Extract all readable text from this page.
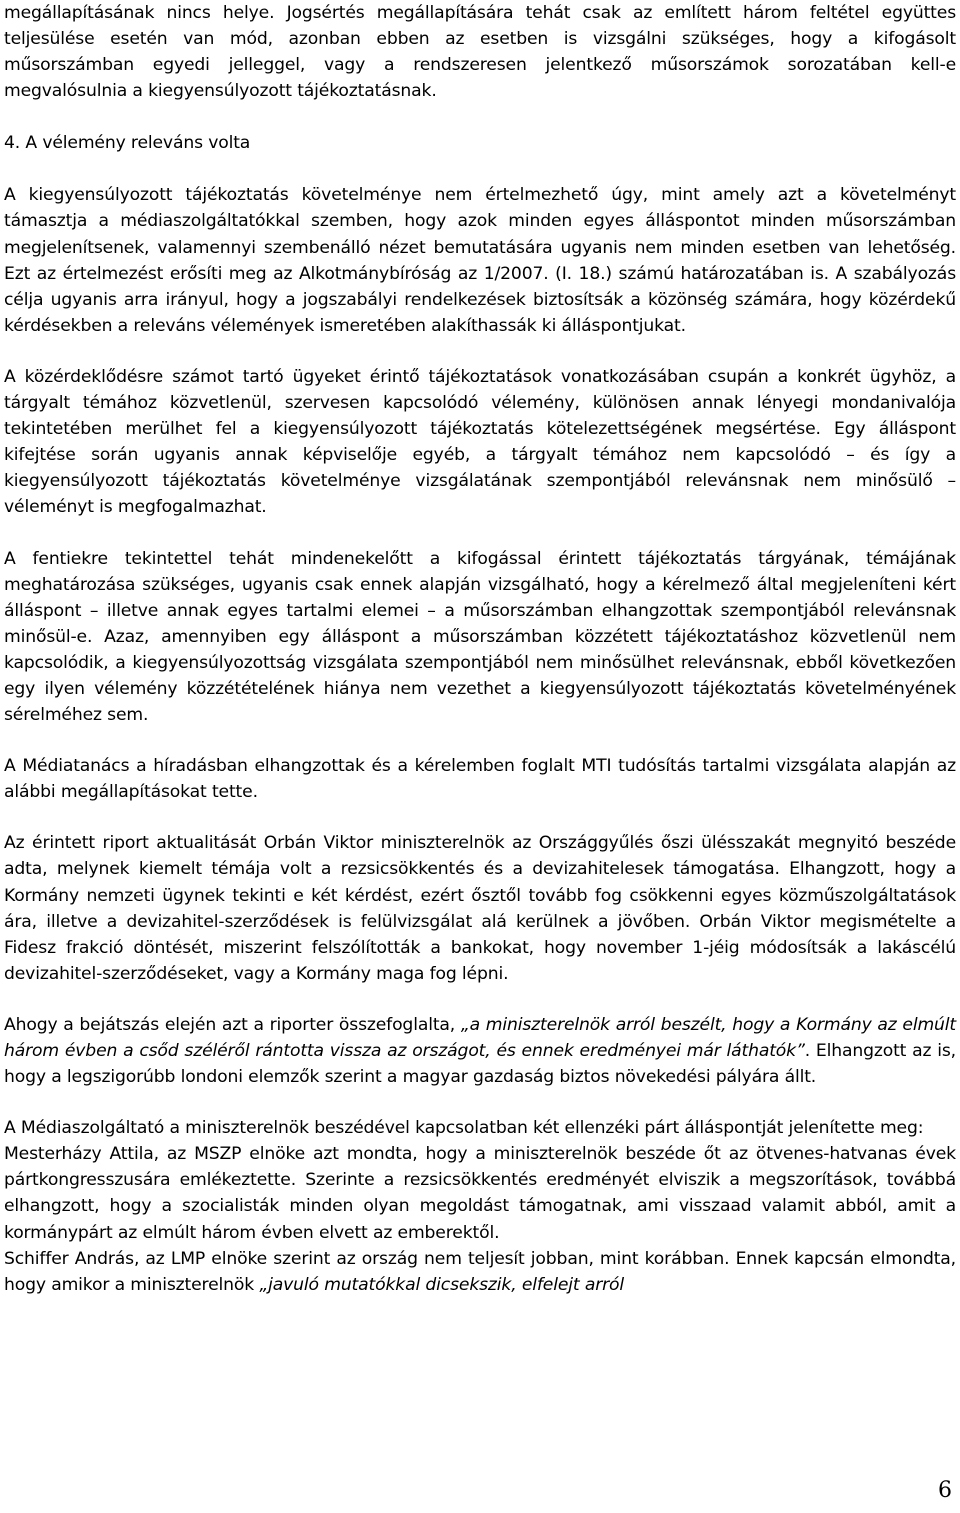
megállapításának nincs helye. Jogsértés megállapítására tehát csak az említett három feltétel együttes teljesülése esetén van mód, azonban ebben az esetben is vizsgálni szükséges, hogy a kifogásolt műsorszámban egyedi jelleggel, vagy a rendszeresen jelentkező műsorszámok sorozatában kell-e megvalósulnia a kiegyensúlyozott tájékoztatásnak.

4. A vélemény releváns volta

A kiegyensúlyozott tájékoztatás követelménye nem értelmezhető úgy, mint amely azt a követelményt támasztja a médiaszolgáltatókkal szemben, hogy azok minden egyes álláspontot minden műsorszámban megjelenítsenek, valamennyi szembenálló nézet bemutatására ugyanis nem minden esetben van lehetőség. Ezt az értelmezést erősíti meg az Alkotmánybíróság az 1/2007. (I. 18.) számú határozatában is. A szabályozás célja ugyanis arra irányul, hogy a jogszabályi rendelkezések biztosítsák a közönség számára, hogy közérdekű kérdésekben a releváns vélemények ismeretében alakíthassák ki álláspontjukat.

A közérdeklődésre számot tartó ügyeket érintő tájékoztatások vonatkozásában csupán a konkrét ügyhöz, a tárgyalt témához közvetlenül, szervesen kapcsolódó vélemény, különösen annak lényegi mondanivalója tekintetében merülhet fel a kiegyensúlyozott tájékoztatás kötelezettségének megsértése. Egy álláspont kifejtése során ugyanis annak képviselője egyéb, a tárgyalt témához nem kapcsolódó – és így a kiegyensúlyozott tájékoztatás követelménye vizsgálatának szempontjából relevánsnak nem minősülő – véleményt is megfogalmazhat.

A fentiekre tekintettel tehát mindenekelőtt a kifogással érintett tájékoztatás tárgyának, témájának meghatározása szükséges, ugyanis csak ennek alapján vizsgálható, hogy a kérelmező által megjeleníteni kért álláspont – illetve annak egyes tartalmi elemei – a műsorszámban elhangzottak szempontjából relevánsnak minősül-e. Azaz, amennyiben egy álláspont a műsorszámban közzétett tájékoztatáshoz közvetlenül nem kapcsolódik, a kiegyensúlyozottság vizsgálata szempontjából nem minősülhet relevánsnak, ebből következően egy ilyen vélemény közzétételének hiánya nem vezethet a kiegyensúlyozott tájékoztatás követelményének sérelméhez sem.

A Médiatanács a híradásban elhangzottak és a kérelemben foglalt MTI tudósítás tartalmi vizsgálata alapján az alábbi megállapításokat tette.

Az érintett riport aktualitását Orbán Viktor miniszterelnök az Országgyűlés őszi ülésszakát megnyitó beszéde adta, melynek kiemelt témája volt a rezsicsökkentés és a devizahitelesek támogatása. Elhangzott, hogy a Kormány nemzeti ügynek tekinti e két kérdést, ezért ősztől tovább fog csökkenni egyes közműszolgáltatások ára, illetve a devizahitel-szerződések is felülvizsgálat alá kerülnek a jövőben. Orbán Viktor megismételte a Fidesz frakció döntését, miszerint felszólították a bankokat, hogy november 1-jéig módosítsák a lakáscélú devizahitel-szerződéseket, vagy a Kormány maga fog lépni.

Ahogy a bejátszás elején azt a riporter összefoglalta, „a miniszterelnök arról beszélt, hogy a Kormány az elmúlt három évben a csőd széléről rántotta vissza az országot, és ennek eredményei már láthatók”. Elhangzott az is, hogy a legszigorúbb londoni elemzők szerint a magyar gazdaság biztos növekedési pályára állt.

A Médiaszolgáltató a miniszterelnök beszédével kapcsolatban két ellenzéki párt álláspontját jelenítette meg:

Mesterházy Attila, az MSZP elnöke azt mondta, hogy a miniszterelnök beszéde őt az ötvenes-hatvanas évek pártkongresszusára emlékeztette. Szerinte a rezsicsökkentés eredményét elviszik a megszorítások, továbbá elhangzott, hogy a szocialisták minden olyan megoldást támogatnak, ami visszaad valamit abból, amit a kormánypárt az elmúlt három évben elvett az emberektől.

Schiffer András, az LMP elnöke szerint az ország nem teljesít jobban, mint korábban. Ennek kapcsán elmondta, hogy amikor a miniszterelnök „javuló mutatókkal dicsekszik, elfelejt arról

6
